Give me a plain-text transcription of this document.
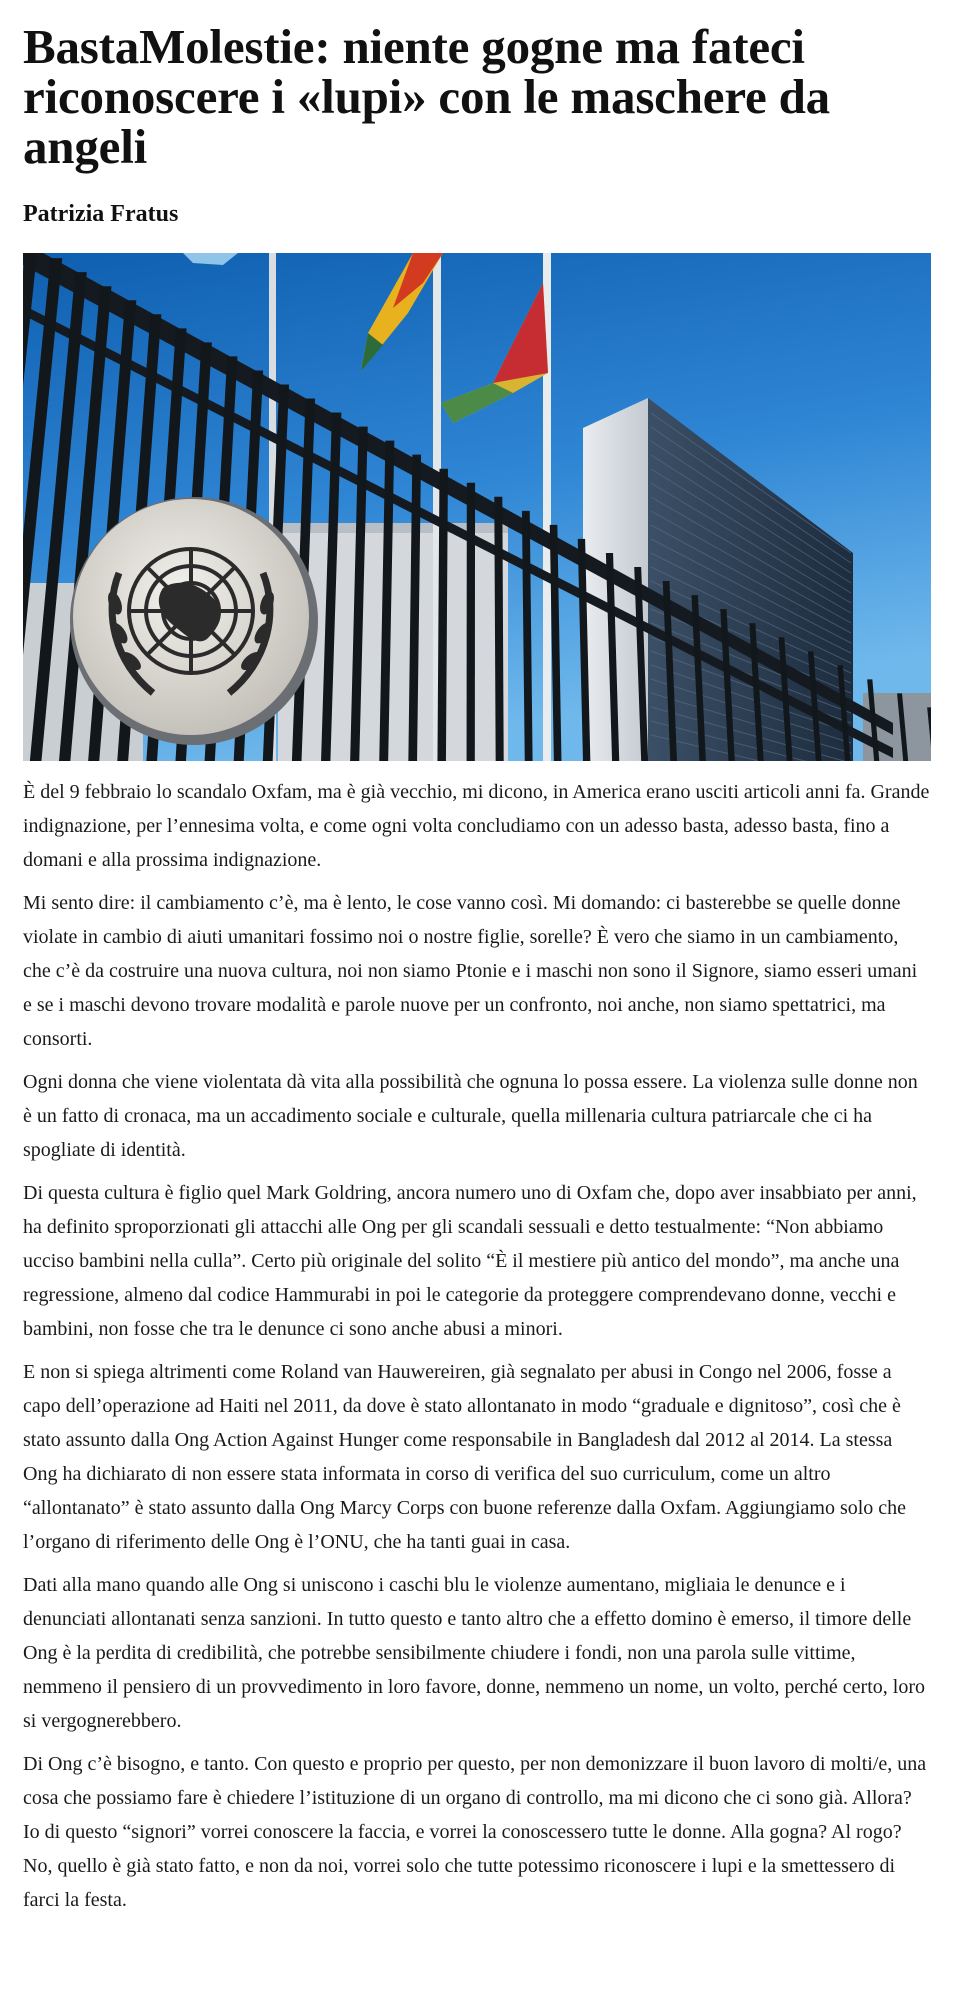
BastaMolestie: niente gogne ma fateci riconoscere i «lupi» con le maschere da angeli
Patrizia Fratus

È del 9 febbraio lo scandalo Oxfam, ma è già vecchio, mi dicono, in America erano usciti articoli anni fa. Grande indignazione, per l’ennesima volta, e come ogni volta concludiamo con un adesso basta, adesso basta, fino a domani e alla prossima indignazione.

Mi sento dire: il cambiamento c’è, ma è lento, le cose vanno così. Mi domando: ci basterebbe se quelle donne violate in cambio di aiuti umanitari fossimo noi o nostre figlie, sorelle? È vero che siamo in un cambiamento, che c’è da costruire una nuova cultura, noi non siamo Ptonie e i maschi non sono il Signore, siamo esseri umani e se i maschi devono trovare modalità e parole nuove per un confronto, noi anche, non siamo spettatrici, ma consorti.

Ogni donna che viene violentata dà vita alla possibilità che ognuna lo possa essere. La violenza sulle donne non è un fatto di cronaca, ma un accadimento sociale e culturale, quella millenaria cultura patriarcale che ci ha spogliate di identità.

Di questa cultura è figlio quel Mark Goldring, ancora numero uno di Oxfam che, dopo aver insabbiato per anni, ha definito sproporzionati gli attacchi alle Ong per gli scandali sessuali e detto testualmente: “Non abbiamo ucciso bambini nella culla”. Certo più originale del solito “È il mestiere più antico del mondo”, ma anche una regressione, almeno dal codice Hammurabi in poi le categorie da proteggere comprendevano donne, vecchi e bambini, non fosse che tra le denunce ci sono anche abusi a minori.

E non si spiega altrimenti come Roland van Hauwereiren, già segnalato per abusi in Congo nel 2006, fosse a capo dell’operazione ad Haiti nel 2011, da dove è stato allontanato in modo “graduale e dignitoso”, così che è stato assunto dalla Ong Action Against Hunger come responsabile in Bangladesh dal 2012 al 2014. La stessa Ong ha dichiarato di non essere stata informata in corso di verifica del suo curriculum, come un altro “allontanato” è stato assunto dalla Ong Marcy Corps con buone referenze dalla Oxfam. Aggiungiamo solo che l’organo di riferimento delle Ong è l’ONU, che ha tanti guai in casa.

Dati alla mano quando alle Ong si uniscono i caschi blu le violenze aumentano, migliaia le denunce e i denunciati allontanati senza sanzioni. In tutto questo e tanto altro che a effetto domino è emerso, il timore delle Ong è la perdita di credibilità, che potrebbe sensibilmente chiudere i fondi, non una parola sulle vittime, nemmeno il pensiero di un provvedimento in loro favore, donne, nemmeno un nome, un volto, perché certo, loro si vergognerebbero.

Di Ong c’è bisogno, e tanto. Con questo e proprio per questo, per non demonizzare il buon lavoro di molti/e, una cosa che possiamo fare è chiedere l’istituzione di un organo di controllo, ma mi dicono che ci sono già. Allora? Io di questo “signori” vorrei conoscere la faccia, e vorrei la conoscessero tutte le donne. Alla gogna? Al rogo? No, quello è già stato fatto, e non da noi, vorrei solo che tutte potessimo riconoscere i lupi e la smettessero di farci la festa.
